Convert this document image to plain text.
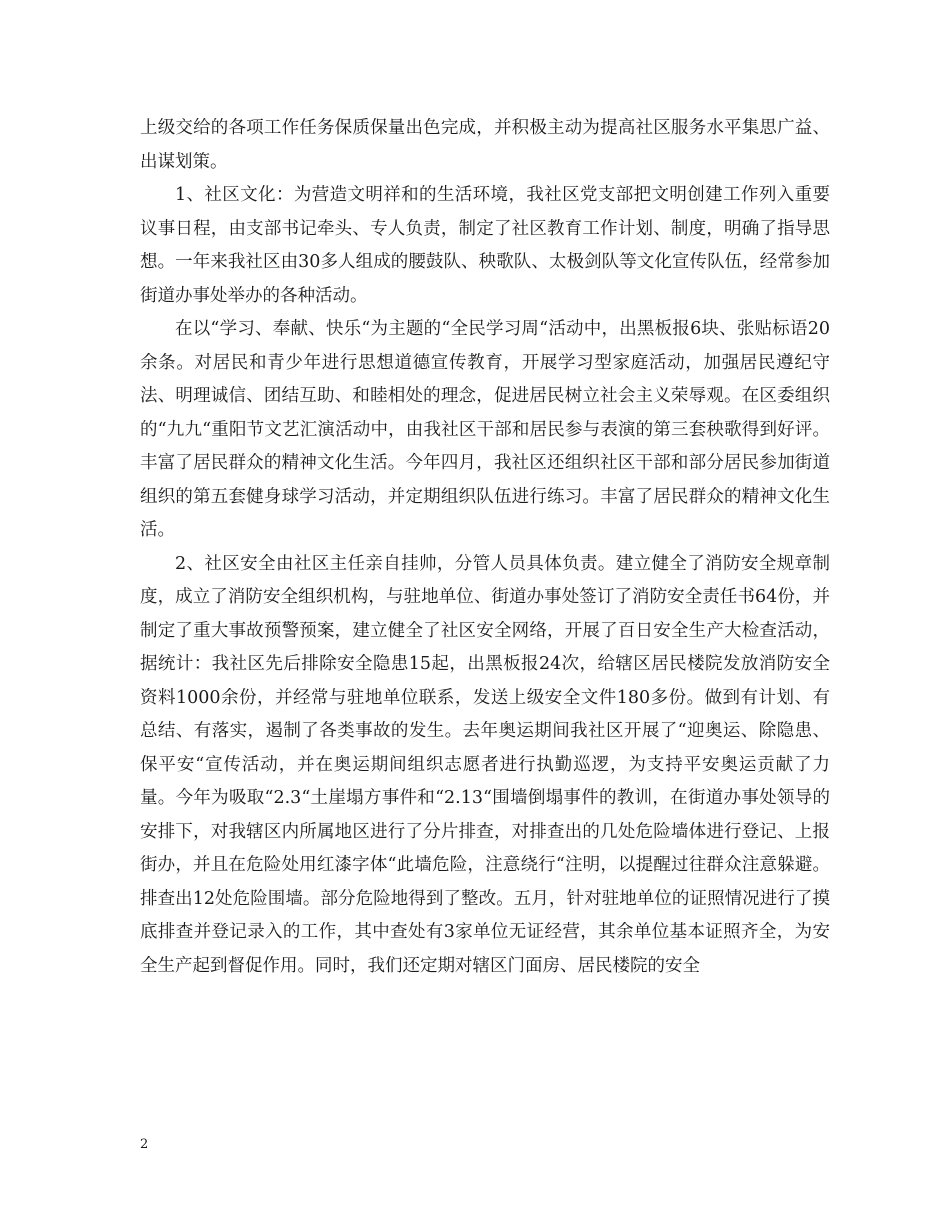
上级交给的各项工作任务保质保量出色完成，并积极主动为提高社区服务水平集思广益、出谋划策。

1、社区文化：为营造文明祥和的生活环境，我社区党支部把文明创建工作列入重要议事日程，由支部书记牵头、专人负责，制定了社区教育工作计划、制度，明确了指导思想。一年来我社区由30多人组成的腰鼓队、秧歌队、太极剑队等文化宣传队伍，经常参加街道办事处举办的各种活动。

在以“学习、奉献、快乐“为主题的“全民学习周“活动中，出黑板报6块、张贴标语20余条。对居民和青少年进行思想道德宣传教育，开展学习型家庭活动，加强居民遵纪守法、明理诚信、团结互助、和睦相处的理念，促进居民树立社会主义荣辱观。在区委组织的“九九“重阳节文艺汇演活动中，由我社区干部和居民参与表演的第三套秧歌得到好评。丰富了居民群众的精神文化生活。今年四月，我社区还组织社区干部和部分居民参加街道组织的第五套健身球学习活动，并定期组织队伍进行练习。丰富了居民群众的精神文化生活。

2、社区安全由社区主任亲自挂帅，分管人员具体负责。建立健全了消防安全规章制度，成立了消防安全组织机构，与驻地单位、街道办事处签订了消防安全责任书64份，并制定了重大事故预警预案，建立健全了社区安全网络，开展了百日安全生产大检查活动，据统计：我社区先后排除安全隐患15起，出黑板报24次，给辖区居民楼院发放消防安全资料1000余份，并经常与驻地单位联系，发送上级安全文件180多份。做到有计划、有总结、有落实，遏制了各类事故的发生。去年奥运期间我社区开展了“迎奥运、除隐患、保平安“宣传活动，并在奥运期间组织志愿者进行执勤巡逻，为支持平安奥运贡献了力量。今年为吸取“2.3“土崖塌方事件和“2.13“围墙倒塌事件的教训，在街道办事处领导的安排下，对我辖区内所属地区进行了分片排查，对排查出的几处危险墙体进行登记、上报街办，并且在危险处用红漆字体“此墙危险，注意绕行“注明，以提醒过往群众注意躲避。排查出12处危险围墙。部分危险地得到了整改。五月，针对驻地单位的证照情况进行了摸底排查并登记录入的工作，其中查处有3家单位无证经营，其余单位基本证照齐全，为安全生产起到督促作用。同时，我们还定期对辖区门面房、居民楼院的安全

2
